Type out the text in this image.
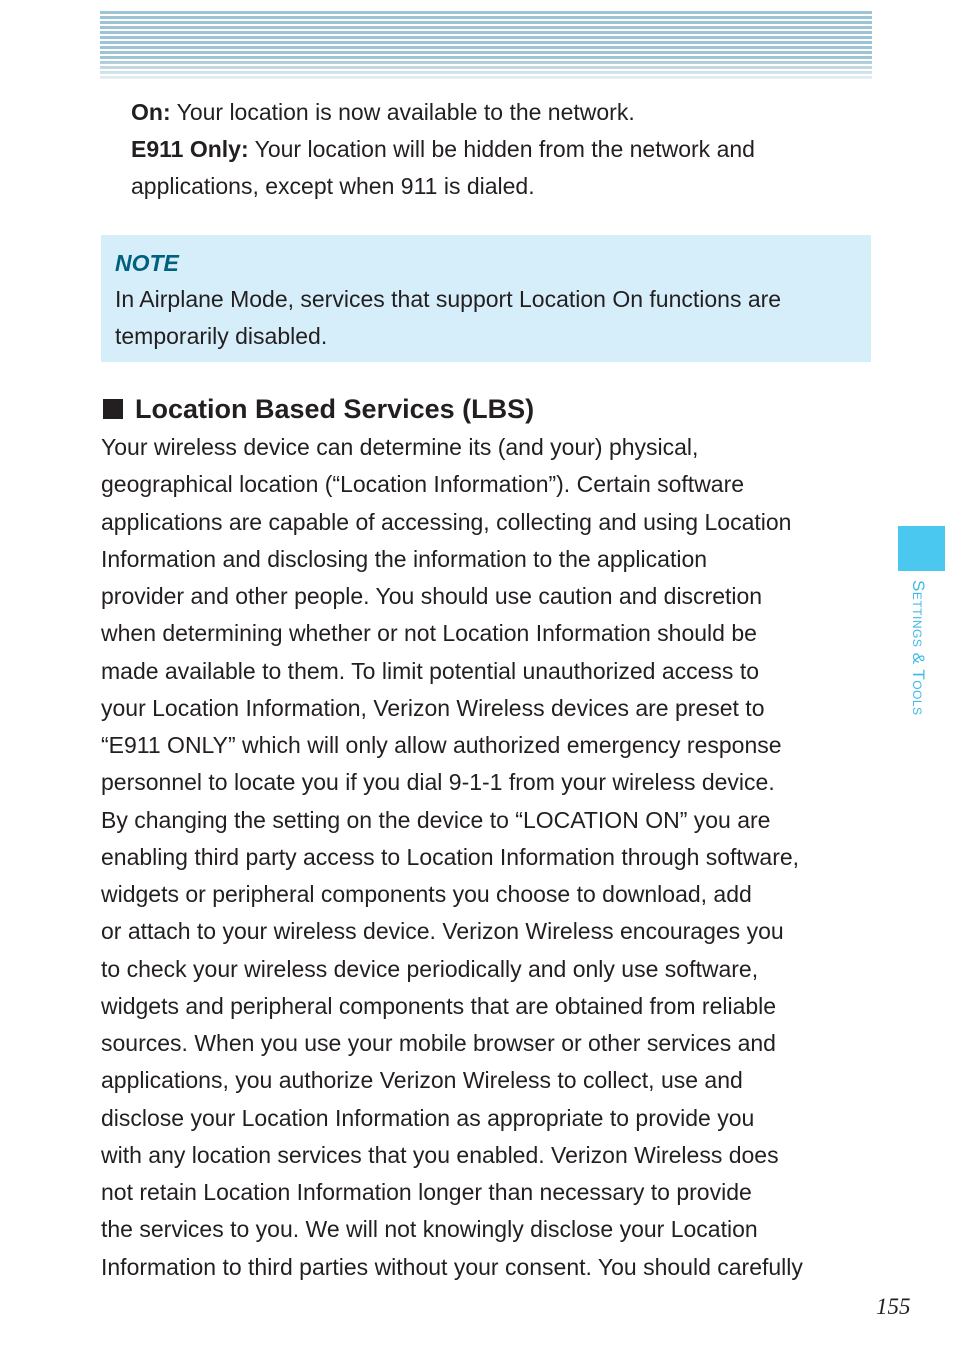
On: Your location is now available to the network.

E911 Only: Your location will be hidden from the network and

applications, except when 911 is dialed.

NOTE

In Airplane Mode, services that support Location On functions are

temporarily disabled.

Location Based Services (LBS)
Your wireless device can determine its (and your) physical,
geographical location (“Location Information”). Certain software
applications are capable of accessing, collecting and using Location
Information and disclosing the information to the application
provider and other people. You should use caution and discretion
when determining whether or not Location Information should be
made available to them. To limit potential unauthorized access to
your Location Information, Verizon Wireless devices are preset to
“E911 ONLY” which will only allow authorized emergency response
personnel to locate you if you dial 9-1-1 from your wireless device.
By changing the setting on the device to “LOCATION ON” you are
enabling third party access to Location Information through software,
widgets or peripheral components you choose to download, add
or attach to your wireless device. Verizon Wireless encourages you
to check your wireless device periodically and only use software,
widgets and peripheral components that are obtained from reliable
sources. When you use your mobile browser or other services and
applications, you authorize Verizon Wireless to collect, use and
disclose your Location Information as appropriate to provide you
with any location services that you enabled. Verizon Wireless does
not retain Location Information longer than necessary to provide
the services to you. We will not knowingly disclose your Location
Information to third parties without your consent. You should carefully
Settings & Tools
155
